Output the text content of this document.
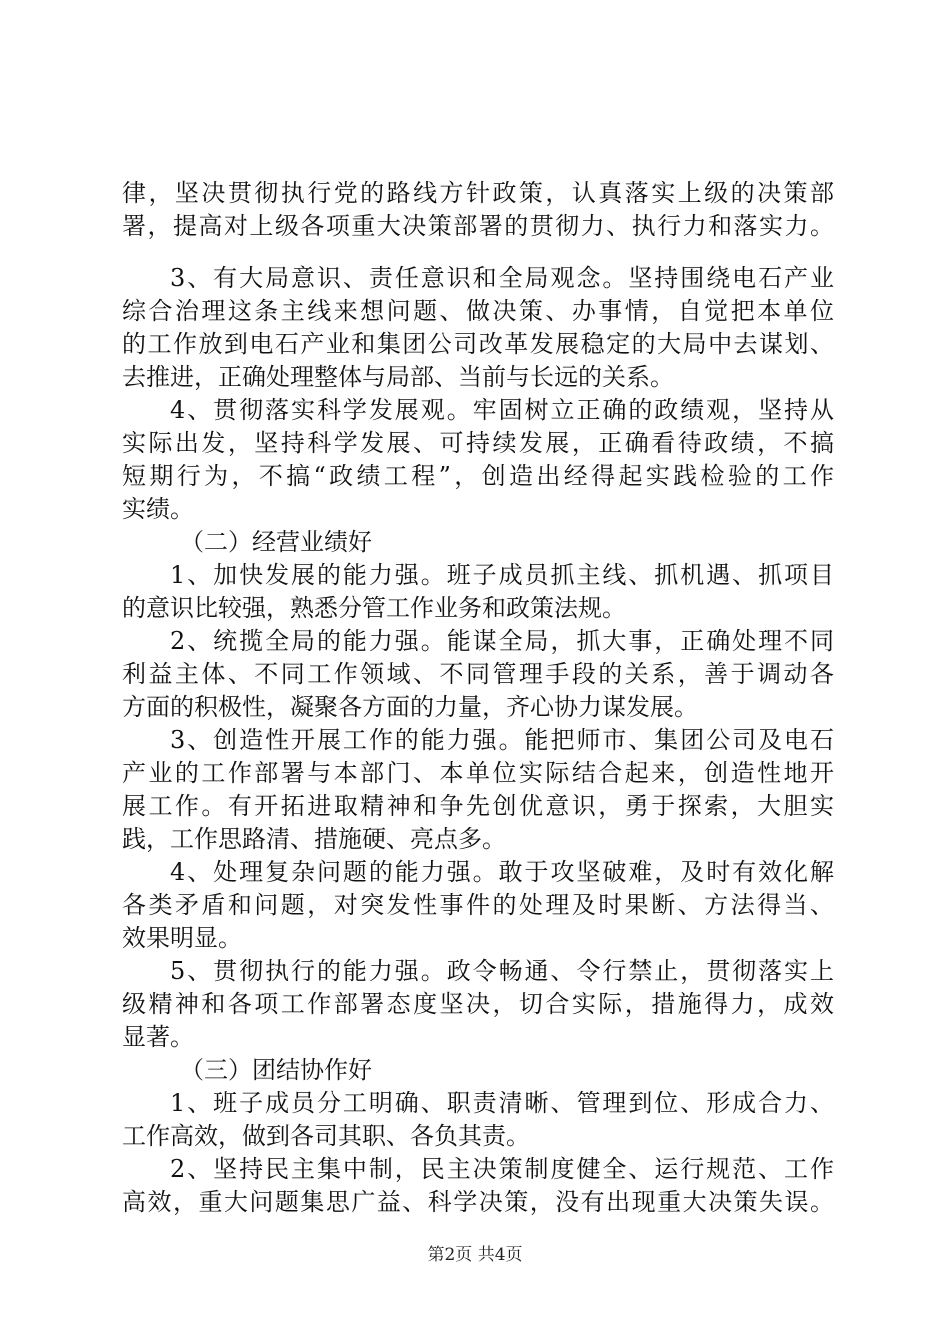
律，坚决贯彻执行党的路线方针政策，认真落实上级的决策部
署，提高对上级各项重大决策部署的贯彻力、执行力和落实力。
3、有大局意识、责任意识和全局观念。坚持围绕电石产业
综合治理这条主线来想问题、做决策、办事情，自觉把本单位
的工作放到电石产业和集团公司改革发展稳定的大局中去谋划、
去推进，正确处理整体与局部、当前与长远的关系。
4、贯彻落实科学发展观。牢固树立正确的政绩观，坚持从
实际出发，坚持科学发展、可持续发展，正确看待政绩，不搞
短期行为，不搞“政绩工程”，创造出经得起实践检验的工作
实绩。
（二）经营业绩好
1、加快发展的能力强。班子成员抓主线、抓机遇、抓项目
的意识比较强，熟悉分管工作业务和政策法规。
2、统揽全局的能力强。能谋全局，抓大事，正确处理不同
利益主体、不同工作领域、不同管理手段的关系，善于调动各
方面的积极性，凝聚各方面的力量，齐心协力谋发展。
3、创造性开展工作的能力强。能把师市、集团公司及电石
产业的工作部署与本部门、本单位实际结合起来，创造性地开
展工作。有开拓进取精神和争先创优意识，勇于探索，大胆实
践，工作思路清、措施硬、亮点多。
4、处理复杂问题的能力强。敢于攻坚破难，及时有效化解
各类矛盾和问题，对突发性事件的处理及时果断、方法得当、
效果明显。
5、贯彻执行的能力强。政令畅通、令行禁止，贯彻落实上
级精神和各项工作部署态度坚决，切合实际，措施得力，成效
显著。
（三）团结协作好
1、班子成员分工明确、职责清晰、管理到位、形成合力、
工作高效，做到各司其职、各负其责。
2、坚持民主集中制，民主决策制度健全、运行规范、工作
高效，重大问题集思广益、科学决策，没有出现重大决策失误。
第2页 共4页
